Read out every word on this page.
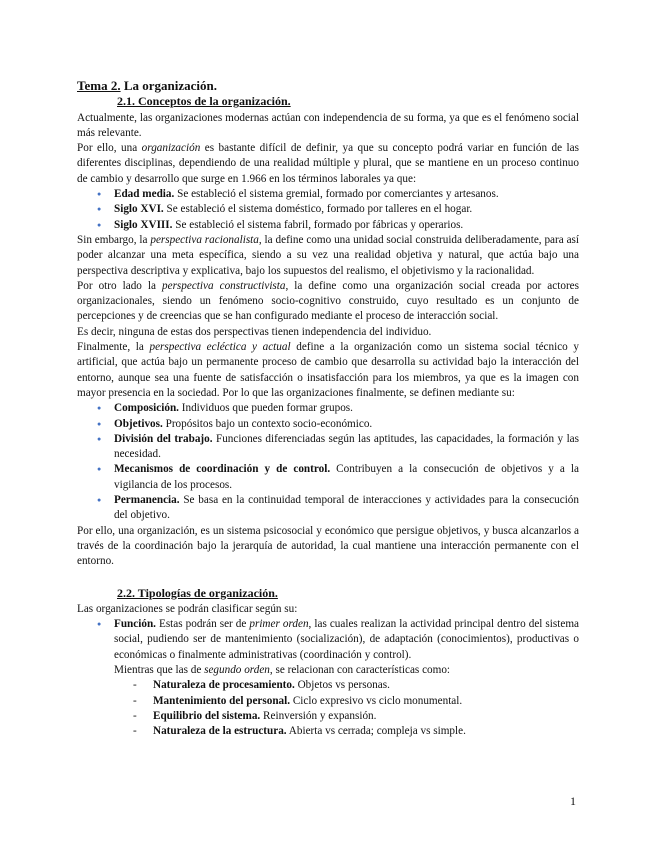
Tema 2. La organización.

2.1. Conceptos de la organización.

Actualmente, las organizaciones modernas actúan con independencia de su forma, ya que es el fenómeno social más relevante.

Por ello, una organización es bastante difícil de definir, ya que su concepto podrá variar en función de las diferentes disciplinas, dependiendo de una realidad múltiple y plural, que se mantiene en un proceso continuo de cambio y desarrollo que surge en 1.966 en los términos laborales ya que:

● Edad media. Se estableció el sistema gremial, formado por comerciantes y artesanos.
● Siglo XVI. Se estableció el sistema doméstico, formado por talleres en el hogar.
● Siglo XVIII. Se estableció el sistema fabril, formado por fábricas y operarios.

Sin embargo, la perspectiva racionalista, la define como una unidad social construida deliberadamente, para así poder alcanzar una meta específica, siendo a su vez una realidad objetiva y natural, que actúa bajo una perspectiva descriptiva y explicativa, bajo los supuestos del realismo, el objetivismo y la racionalidad.

Por otro lado la perspectiva constructivista, la define como una organización social creada por actores organizacionales, siendo un fenómeno socio-cognitivo construido, cuyo resultado es un conjunto de percepciones y de creencias que se han configurado mediante el proceso de interacción social.

Es decir, ninguna de estas dos perspectivas tienen independencia del individuo.

Finalmente, la perspectiva ecléctica y actual define a la organización como un sistema social técnico y artificial, que actúa bajo un permanente proceso de cambio que desarrolla su actividad bajo la interacción del entorno, aunque sea una fuente de satisfacción o insatisfacción para los miembros, ya que es la imagen con mayor presencia en la sociedad. Por lo que las organizaciones finalmente, se definen mediante su:

● Composición. Individuos que pueden formar grupos.
● Objetivos. Propósitos bajo un contexto socio-económico.
● División del trabajo. Funciones diferenciadas según las aptitudes, las capacidades, la formación y las necesidad.
● Mecanismos de coordinación y de control. Contribuyen a la consecución de objetivos y a la vigilancia de los procesos.
● Permanencia. Se basa en la continuidad temporal de interacciones y actividades para la consecución del objetivo.

Por ello, una organización, es un sistema psicosocial y económico que persigue objetivos, y busca alcanzarlos a través de la coordinación bajo la jerarquía de autoridad, la cual mantiene una interacción permanente con el entorno.

2.2. Tipologías de organización.

Las organizaciones se podrán clasificar según su:

● Función. Estas podrán ser de primer orden, las cuales realizan la actividad principal dentro del sistema social, pudiendo ser de mantenimiento (socialización), de adaptación (conocimientos), productivas o económicas o finalmente administrativas (coordinación y control).

Mientras que las de segundo orden, se relacionan con características como:

- Naturaleza de procesamiento. Objetos vs personas.
- Mantenimiento del personal. Ciclo expresivo vs ciclo monumental.
- Equilibrio del sistema. Reinversión y expansión.
- Naturaleza de la estructura. Abierta vs cerrada; compleja vs simple.
1
